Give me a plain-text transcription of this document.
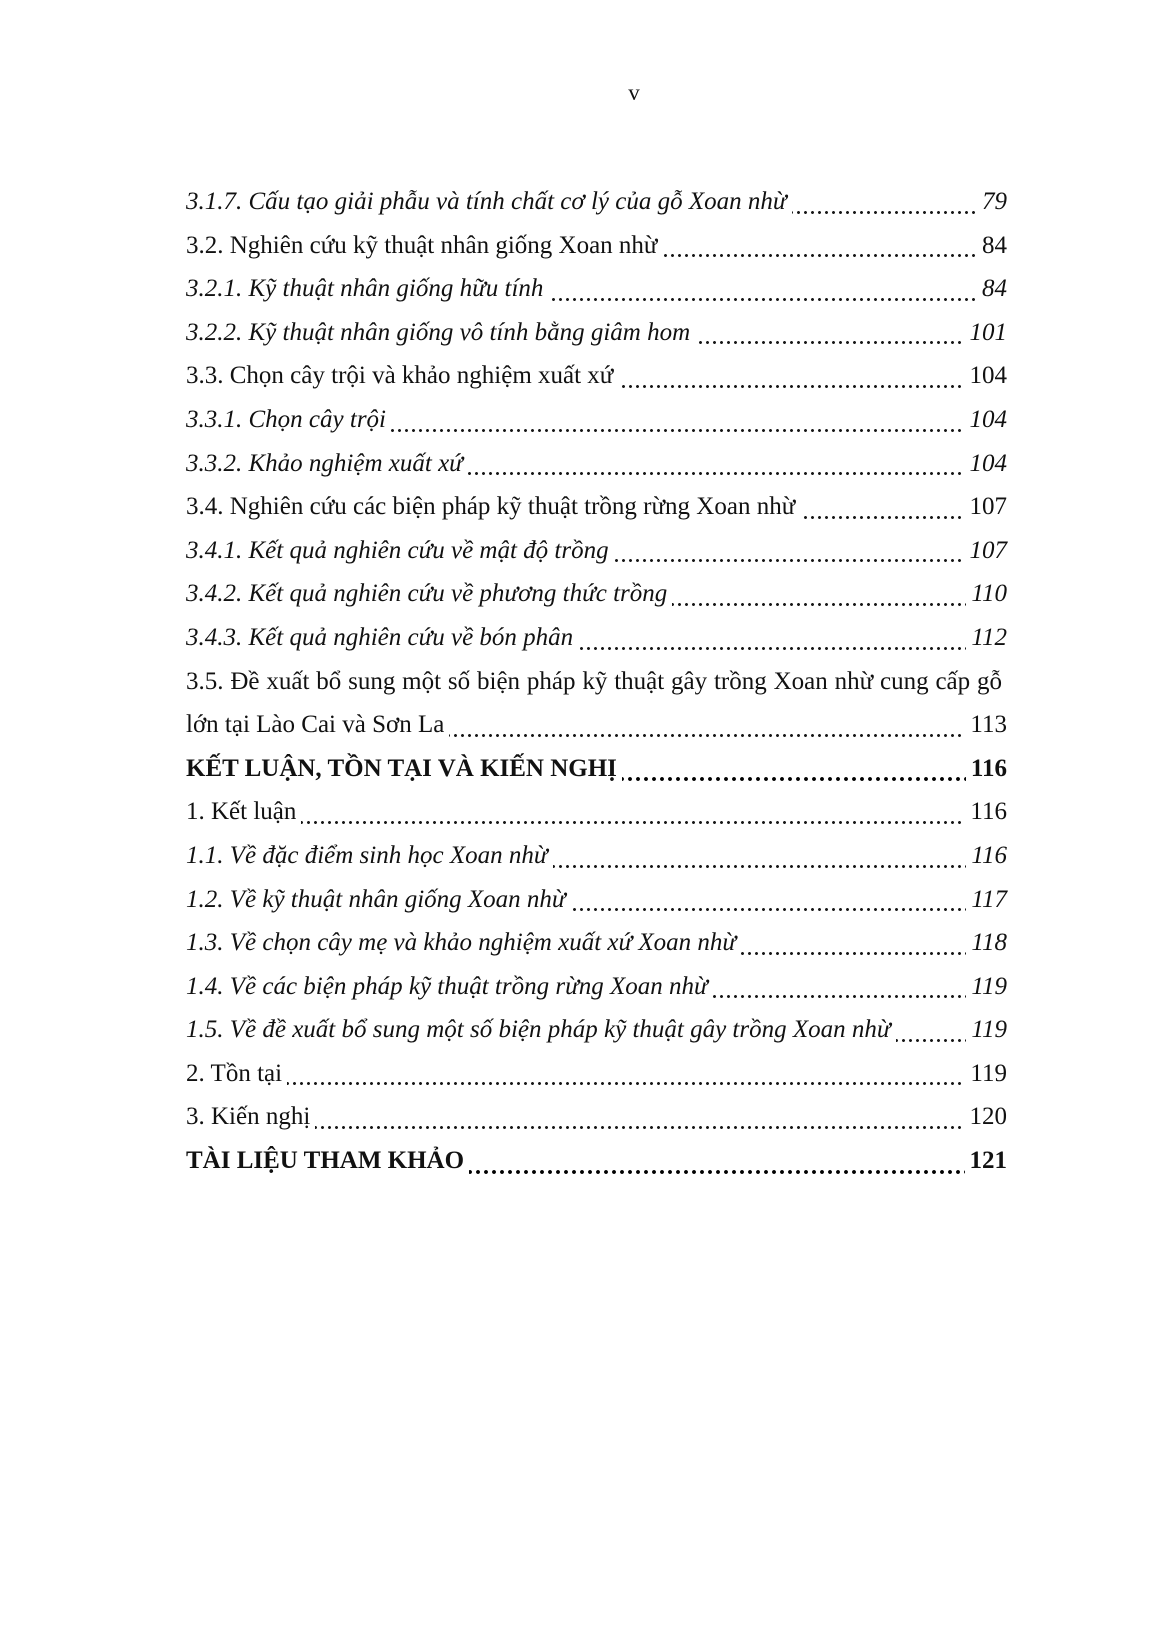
v

3.1.7. Cấu tạo giải phẫu và tính chất cơ lý của gỗ Xoan nhừ	79

3.2. Nghiên cứu kỹ thuật nhân giống Xoan nhừ	84

3.2.1. Kỹ thuật nhân giống hữu tính	84

3.2.2. Kỹ thuật nhân giống vô tính bằng giâm hom	101

3.3. Chọn cây trội và khảo nghiệm xuất xứ	104

3.3.1. Chọn cây trội	104

3.3.2. Khảo nghiệm xuất xứ	104

3.4. Nghiên cứu các biện pháp kỹ thuật trồng rừng Xoan nhừ	107

3.4.1. Kết quả nghiên cứu về mật độ trồng	107

3.4.2. Kết quả nghiên cứu về phương thức trồng	110

3.4.3. Kết quả nghiên cứu về bón phân	112

3.5. Đề xuất bổ sung một số biện pháp kỹ thuật gây trồng Xoan nhừ cung cấp gỗ lớn tại Lào Cai và Sơn La	113

KẾT LUẬN, TỒN TẠI VÀ KIẾN NGHỊ	116

1. Kết luận	116

1.1. Về đặc điểm sinh học Xoan nhừ	116

1.2. Về kỹ thuật nhân giống Xoan nhừ	117

1.3. Về chọn cây mẹ và khảo nghiệm xuất xứ Xoan nhừ	118

1.4. Về các biện pháp kỹ thuật trồng rừng Xoan nhừ	119

1.5. Về đề xuất bổ sung một số biện pháp kỹ thuật gây trồng Xoan nhừ	119

2. Tồn tại	119

3. Kiến nghị	120

TÀI LIỆU THAM KHẢO	121
